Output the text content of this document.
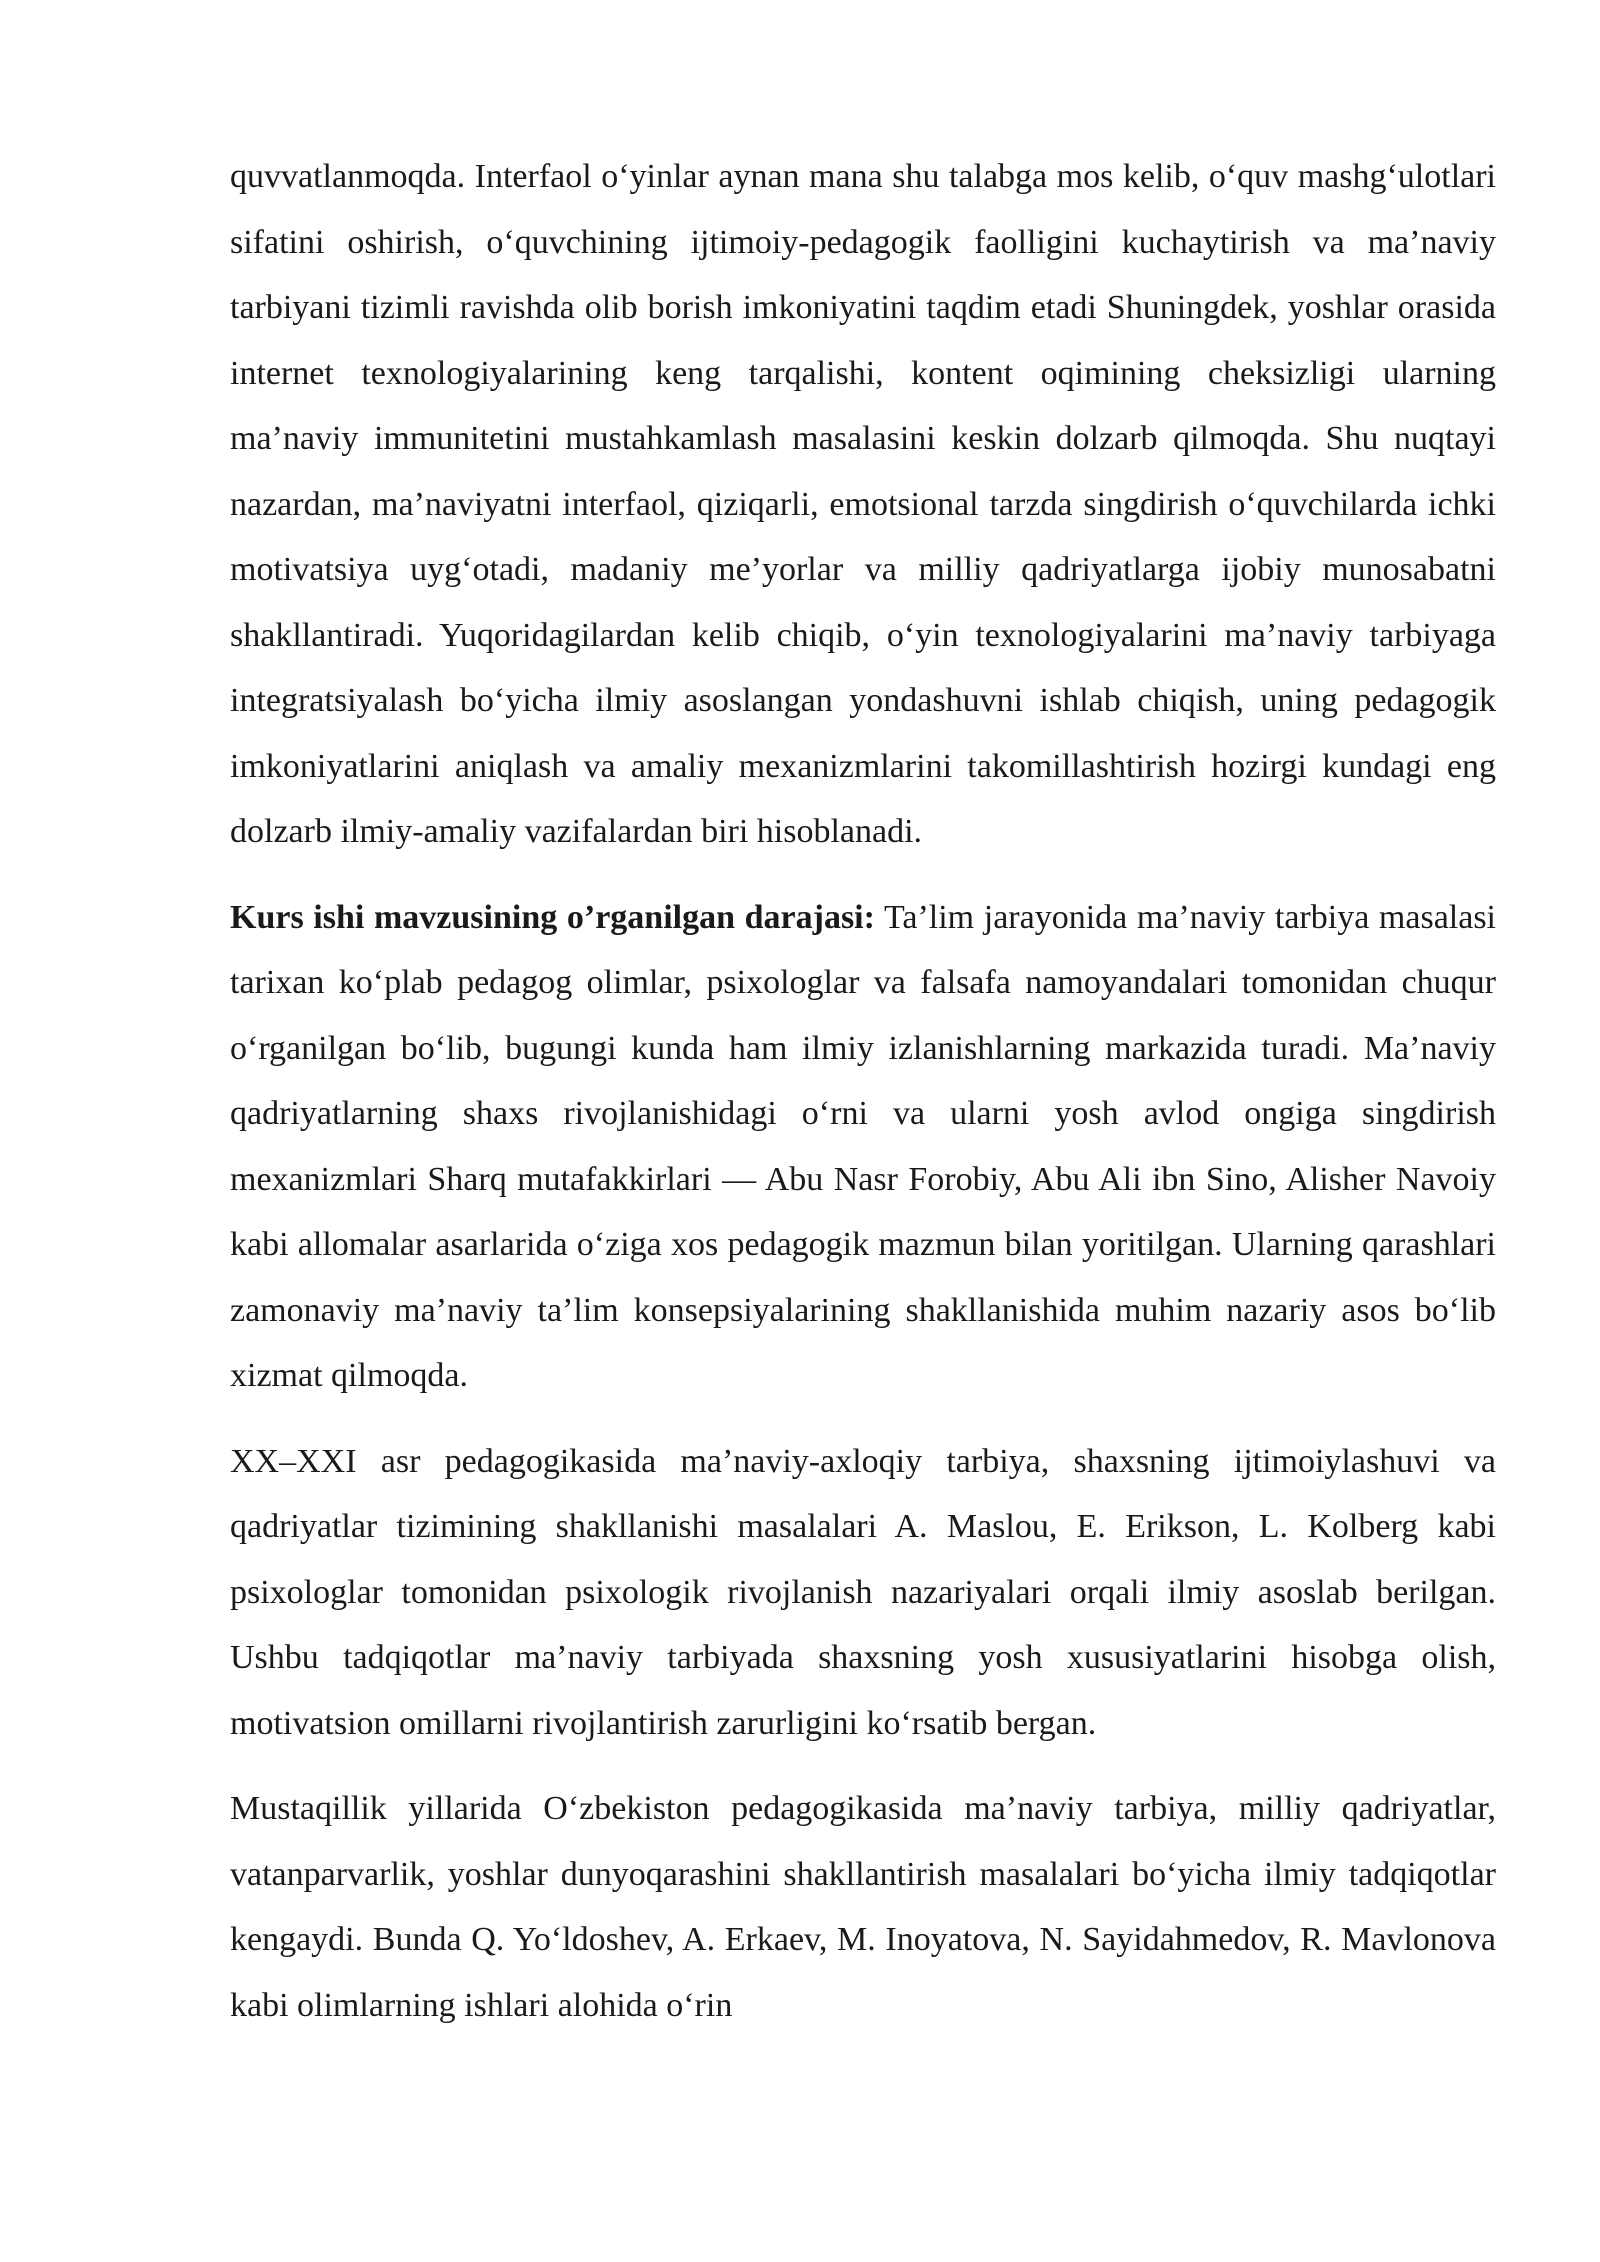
quvvatlanmoqda. Interfaol o‘yinlar aynan mana shu talabga mos kelib, o‘quv mashg‘ulotlari sifatini oshirish, o‘quvchining ijtimoiy-pedagogik faolligini kuchaytirish va ma’naviy tarbiyani tizimli ravishda olib borish imkoniyatini taqdim etadi Shuningdek, yoshlar orasida internet texnologiyalarining keng tarqalishi, kontent oqimining cheksizligi ularning ma’naviy immunitetini mustahkamlash masalasini keskin dolzarb qilmoqda. Shu nuqtayi nazardan, ma’naviyatni interfaol, qiziqarli, emotsional tarzda singdirish o‘quvchilarda ichki motivatsiya uyg‘otadi, madaniy me’yorlar va milliy qadriyatlarga ijobiy munosabatni shakllantiradi. Yuqoridagilardan kelib chiqib, o‘yin texnologiyalarini ma’naviy tarbiyaga integratsiyalash bo‘yicha ilmiy asoslangan yondashuvni ishlab chiqish, uning pedagogik imkoniyatlarini aniqlash va amaliy mexanizmlarini takomillashtirish hozirgi kundagi eng dolzarb ilmiy-amaliy vazifalardan biri hisoblanadi.

Kurs ishi mavzusining o’rganilgan darajasi: Ta’lim jarayonida ma’naviy tarbiya masalasi tarixan ko‘plab pedagog olimlar, psixologlar va falsafa namoyandalari tomonidan chuqur o‘rganilgan bo‘lib, bugungi kunda ham ilmiy izlanishlarning markazida turadi. Ma’naviy qadriyatlarning shaxs rivojlanishidagi o‘rni va ularni yosh avlod ongiga singdirish mexanizmlari Sharq mutafakkirlari — Abu Nasr Forobiy, Abu Ali ibn Sino, Alisher Navoiy kabi allomalar asarlarida o‘ziga xos pedagogik mazmun bilan yoritilgan. Ularning qarashlari zamonaviy ma’naviy ta’lim konsepsiyalarining shakllanishida muhim nazariy asos bo‘lib xizmat qilmoqda.

XX–XXI asr pedagogikasida ma’naviy-axloqiy tarbiya, shaxsning ijtimoiylashuvi va qadriyatlar tizimining shakllanishi masalalari A. Maslou, E. Erikson, L. Kolberg kabi psixologlar tomonidan psixologik rivojlanish nazariyalari orqali ilmiy asoslab berilgan. Ushbu tadqiqotlar ma’naviy tarbiyada shaxsning yosh xususiyatlarini hisobga olish, motivatsion omillarni rivojlantirish zarurligini ko‘rsatib bergan.

Mustaqillik yillarida O‘zbekiston pedagogikasida ma’naviy tarbiya, milliy qadriyatlar, vatanparvarlik, yoshlar dunyoqarashini shakllantirish masalalari bo‘yicha ilmiy tadqiqotlar kengaydi. Bunda Q. Yo‘ldoshev, A. Erkaev, M. Inoyatova, N. Sayidahmedov, R. Mavlonova kabi olimlarning ishlari alohida o‘rin
